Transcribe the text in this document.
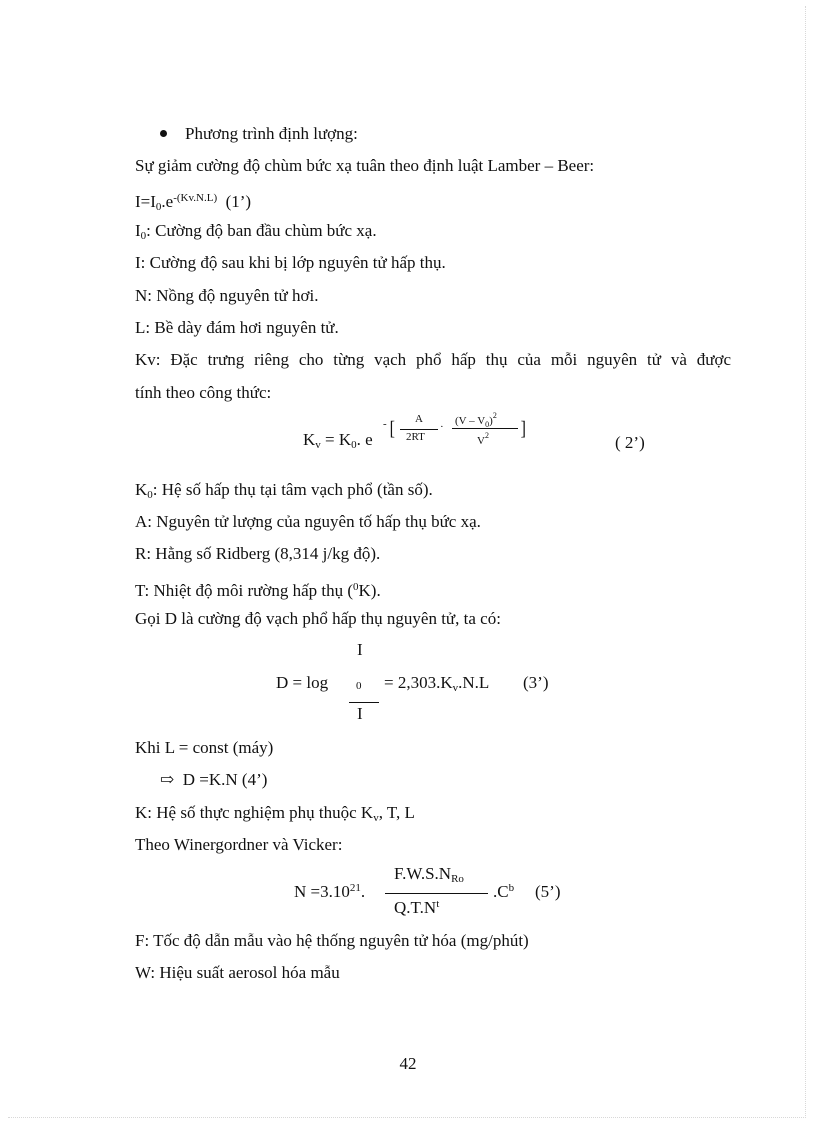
Phương trình định lượng:
Sự giảm cường độ chùm bức xạ tuân theo định luật Lamber – Beer:
$I=I_0.e^{-(Kv.N.L)}$ (1’)
$I_0$: Cường độ ban đầu chùm bức xạ.
I: Cường độ sau khi bị lớp nguyên tử hấp thụ.
N: Nồng độ nguyên tử hơi.
L: Bề dày đám hơi nguyên tử.
Kv: Đặc trưng riêng cho từng vạch phổ hấp thụ của mỗi nguyên tử và được
tính theo công thức:
$K_v = K_0$. e
- [ A
2RT
· $(V - V_0)^2$
$V^2$ ]
( 2’)
$K_0$: Hệ số hấp thụ tại tâm vạch phổ (tần số).
A: Nguyên tử lượng của nguyên tố hấp thụ bức xạ.
R: Hằng số Ridberg (8,314 j/kg độ).
T: Nhiệt độ môi rường hấp thụ ($^0$K).
Gọi D là cường độ vạch phổ hấp thụ nguyên tử, ta có:
I
D = log	$0 = 2,303.K_v.N.L$ (3’)
I
Khi L = const (máy)
⇨ D =K.N (4’)
K: Hệ số thực nghiệm phụ thuộc $K_v$, T, L
Theo Winergordner và Vicker:
$F.W.S.N_{Ro}$
$N =3.10^{21}$.	$.C^b$ (5’)
$Q.T.N^t$
F: Tốc độ dẫn mẫu vào hệ thống nguyên tử hóa (mg/phút)
W: Hiệu suất aerosol hóa mẫu
42
